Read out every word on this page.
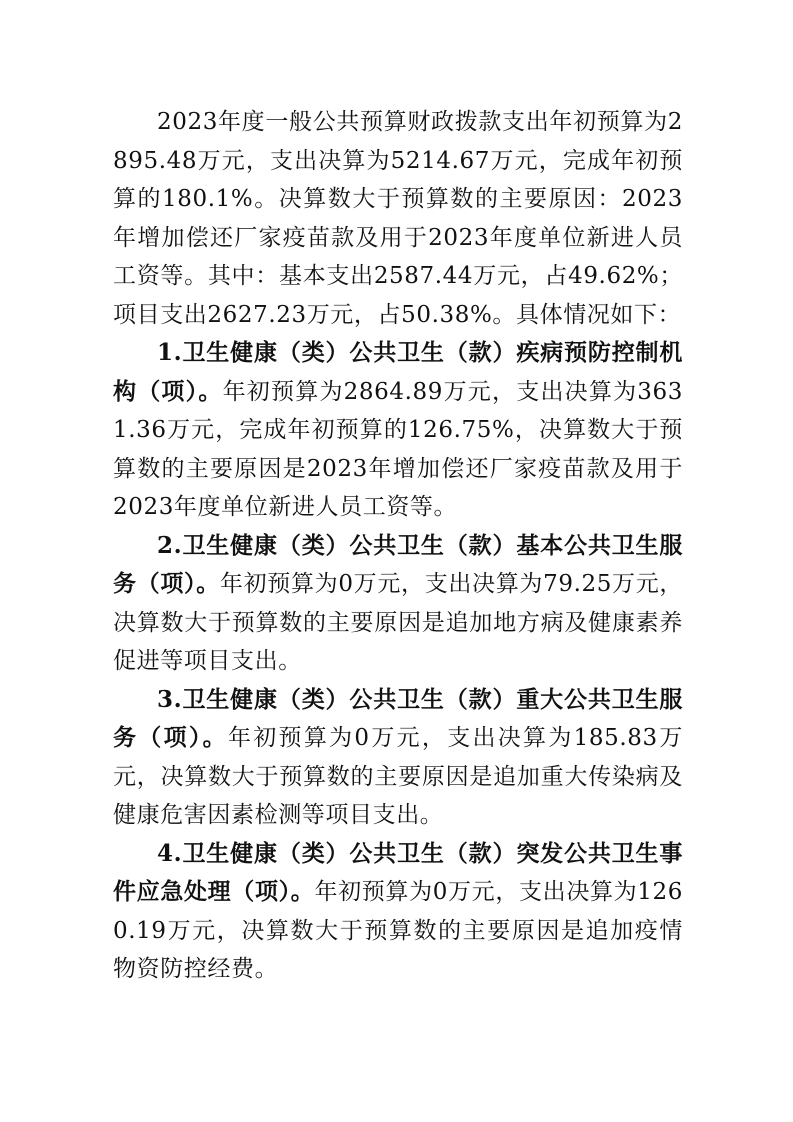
2023年度一般公共预算财政拨款支出年初预算为2895.48万元，支出决算为5214.67万元，完成年初预算的180.1%。决算数大于预算数的主要原因：2023年增加偿还厂家疫苗款及用于2023年度单位新进人员工资等。其中：基本支出2587.44万元，占49.62%；项目支出2627.23万元，占50.38%。具体情况如下：

1.卫生健康（类）公共卫生（款）疾病预防控制机构（项）。年初预算为2864.89万元，支出决算为3631.36万元，完成年初预算的126.75%，决算数大于预算数的主要原因是2023年增加偿还厂家疫苗款及用于2023年度单位新进人员工资等。

2.卫生健康（类）公共卫生（款）基本公共卫生服务（项）。年初预算为0万元，支出决算为79.25万元，决算数大于预算数的主要原因是追加地方病及健康素养促进等项目支出。

3.卫生健康（类）公共卫生（款）重大公共卫生服务（项）。年初预算为0万元，支出决算为185.83万元，决算数大于预算数的主要原因是追加重大传染病及健康危害因素检测等项目支出。

4.卫生健康（类）公共卫生（款）突发公共卫生事件应急处理（项）。年初预算为0万元，支出决算为1260.19万元，决算数大于预算数的主要原因是追加疫情物资防控经费。
